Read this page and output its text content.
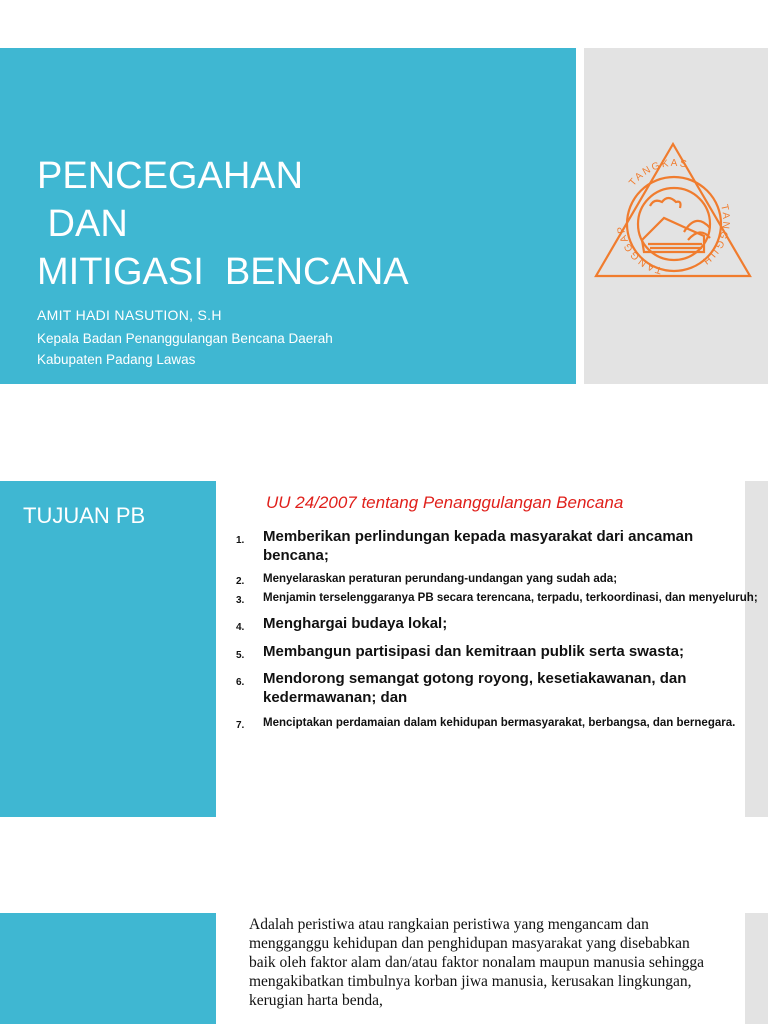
PENCEGAHAN
DAN
MITIGASI  BENCANA

AMIT HADI NASUTION, S.H

Kepala Badan Penanggulangan Bencana Daerah
Kabupaten Padang Lawas
TANGKAS
TANGGAP
TANGGUH
TUJUAN PB

UU 24/2007 tentang Penanggulangan Bencana

1. Memberikan perlindungan kepada masyarakat dari ancaman bencana;
2. Menyelaraskan peraturan perundang-undangan yang sudah ada;
3. Menjamin terselenggaranya PB secara terencana, terpadu, terkoordinasi, dan menyeluruh;
4. Menghargai budaya lokal;
5. Membangun partisipasi dan kemitraan publik serta swasta;
6. Mendorong semangat gotong royong, kesetiakawanan, dan kedermawanan; dan
7. Menciptakan perdamaian dalam kehidupan bermasyarakat, berbangsa, dan bernegara.

Adalah peristiwa atau rangkaian peristiwa yang mengancam dan mengganggu kehidupan dan penghidupan masyarakat yang disebabkan baik oleh faktor alam dan/atau faktor nonalam maupun manusia sehingga mengakibatkan timbulnya korban jiwa manusia, kerusakan lingkungan, kerugian harta benda,
